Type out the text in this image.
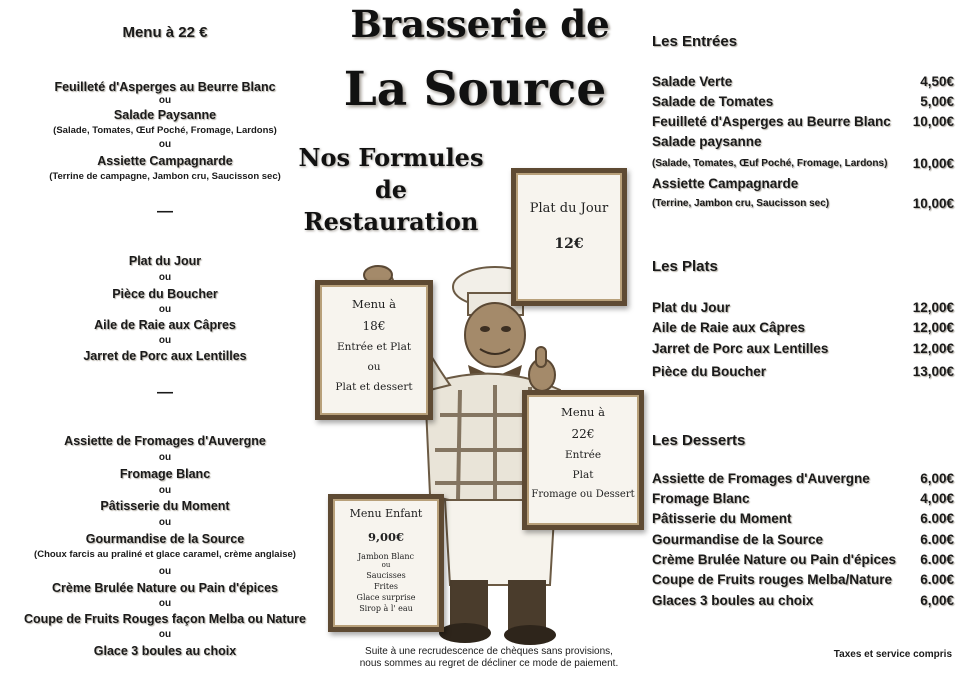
Menu à 22 €
Feuilleté d'Asperges au Beurre Blanc
ou
Salade Paysanne
(Salade, Tomates, Œuf Poché, Fromage, Lardons)
ou
Assiette Campagnarde
(Terrine de campagne, Jambon cru, Saucisson sec)
—
Plat du Jour
ou
Pièce du Boucher
ou
Aile de Raie aux Câpres
ou
Jarret de Porc aux Lentilles
—
Assiette de Fromages d'Auvergne
ou
Fromage Blanc
ou
Pâtisserie du Moment
ou
Gourmandise de la Source
(Choux farcis au praliné et glace caramel, crème anglaise)
ou
Crème Brulée Nature ou Pain d'épices
ou
Coupe de Fruits Rouges façon Melba ou Nature
ou
Glace 3 boules au choix
Brasserie de
La Source
Nos Formules
de
Restauration	Plat du Jour
12€
Menu à
18€
Entrée et Plat
ou
Plat et dessert
Menu à
22€
Entrée
Plat
Fromage ou Dessert
Menu Enfant
9,00€
Jambon Blanc
ou
Saucisses
Frites
Glace surprise
Sirop à l' eau
Suite à une recrudescence de chèques sans provisions,
nous sommes au regret de décliner ce mode de paiement.
Les Entrées
Salade Verte	4,50€
Salade de Tomates	5,00€
Feuilleté d'Asperges au Beurre Blanc 10,00€
Salade paysanne
(Salade, Tomates, Œuf Poché, Fromage, Lardons) 10,00€
Assiette Campagnarde
(Terrine, Jambon cru, Saucisson sec)	10,00€
Les Plats
Plat du Jour	12,00€
Aile de Raie aux Câpres	12,00€
Jarret de Porc aux Lentilles	12,00€
Pièce du Boucher	13,00€
Les Desserts
Assiette de Fromages d'Auvergne	6,00€
Fromage Blanc	4,00€
Pâtisserie du Moment	6.00€
Gourmandise de la Source	6.00€
Crème Brulée Nature ou Pain d'épices 6.00€
Coupe de Fruits rouges Melba/Nature 6.00€
Glaces 3 boules au choix	6,00€
Taxes et service compris
